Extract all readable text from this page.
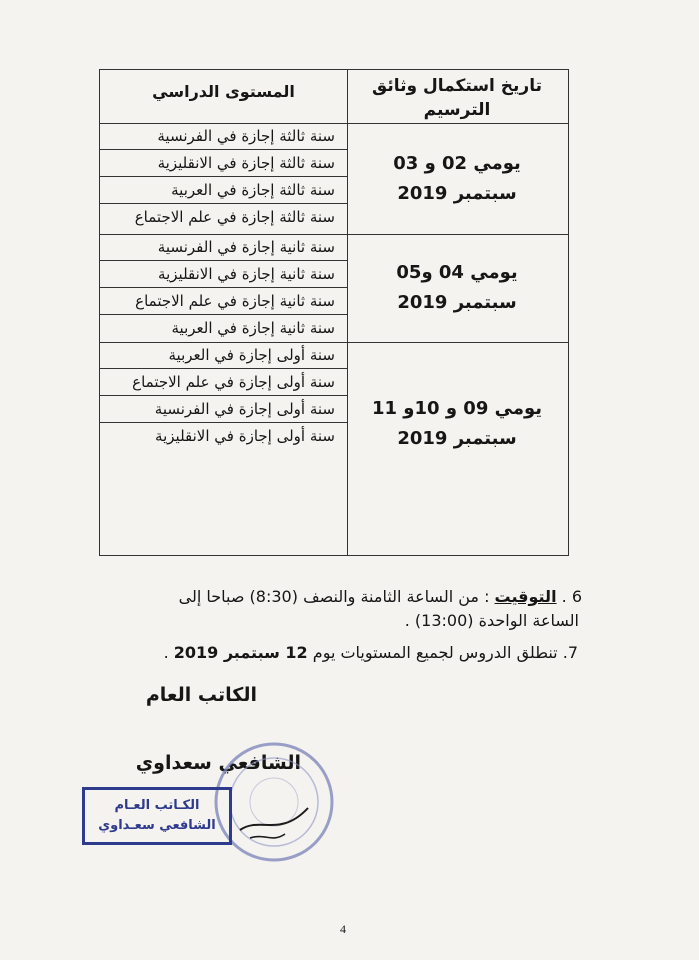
تاريخ استكمال وثائق
الترسيم
المستوى الدراسي
يومي 02 و 03
سبتمبر 2019
سنة ثالثة إجازة في الفرنسية
سنة ثالثة إجازة في الانقليزية
سنة ثالثة إجازة في العربية
سنة ثالثة إجازة في علم الاجتماع
يومي 04 و05
سبتمبر 2019
سنة ثانية إجازة في الفرنسية
سنة ثانية إجازة في الانقليزية
سنة ثانية إجازة في علم الاجتماع
سنة ثانية إجازة في العربية
يومي 09 و 10و 11
سبتمبر 2019
سنة أولى إجازة في العربية
سنة أولى إجازة في علم الاجتماع
سنة أولى إجازة في الفرنسية
سنة أولى إجازة في الانقليزية
6 . التوقيت : من الساعة الثامنة والنصف (8:30) صباحا إلى
الساعة الواحدة (13:00) .
7. تنطلق الدروس لجميع المستويات يوم 12 سبتمبر 2019 .
الكاتب العام
الشافعي سعداوي
الكـاتب العـام
الشافعي سعـداوي
4
